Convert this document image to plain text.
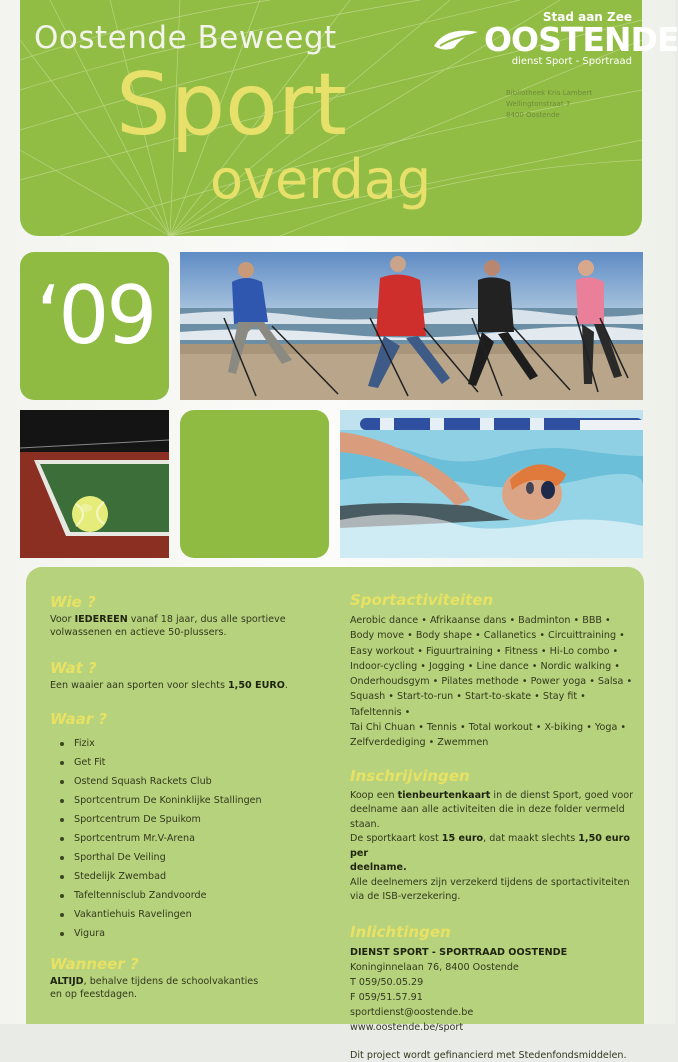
Oostende Beweegt
Sport
overdag
Stad aan Zee
OOSTENDE
dienst Sport - Sportraad
Bibliotheek Kris Lambert
Wellingtonstraat 7
8400 Oostende
‘09
Wie ?
Voor IEDEREEN vanaf 18 jaar, dus alle sportieve
volwassenen en actieve 50-plussers.
Wat ?
Een waaier aan sporten voor slechts 1,50 EURO.
Waar ?
Fizix
Get Fit
Ostend Squash Rackets Club
Sportcentrum De Koninklijke Stallingen
Sportcentrum De Spuikom
Sportcentrum Mr.V-Arena
Sporthal De Veiling
Stedelijk Zwembad
Tafeltennisclub Zandvoorde
Vakantiehuis Ravelingen
Vigura
Wanneer ?
ALTIJD, behalve tijdens de schoolvakanties
en op feestdagen.
Sportactiviteiten
Aerobic dance • Afrikaanse dans • Badminton • BBB •
Body move • Body shape • Callanetics • Circuittraining •
Easy workout • Figuurtraining • Fitness • Hi-Lo combo •
Indoor-cycling • Jogging • Line dance • Nordic walking •
Onderhoudsgym • Pilates methode • Power yoga • Salsa •
Squash • Start-to-run • Start-to-skate • Stay fit • Tafeltennis •
Tai Chi Chuan • Tennis • Total workout • X-biking • Yoga •
Zelfverdediging • Zwemmen
Inschrijvingen
Koop een tienbeurtenkaart in de dienst Sport, goed voor
deelname aan alle activiteiten die in deze folder vermeld staan.
De sportkaart kost 15 euro, dat maakt slechts 1,50 euro per
deelname.
Alle deelnemers zijn verzekerd tijdens de sportactiviteiten
via de ISB-verzekering.
Inlichtingen
DIENST SPORT - SPORTRAAD OOSTENDE
Koninginnelaan 76, 8400 Oostende
T 059/50.05.29
F 059/51.57.91
sportdienst@oostende.be
www.oostende.be/sport
Dit project wordt gefinancierd met Stedenfondsmiddelen.
